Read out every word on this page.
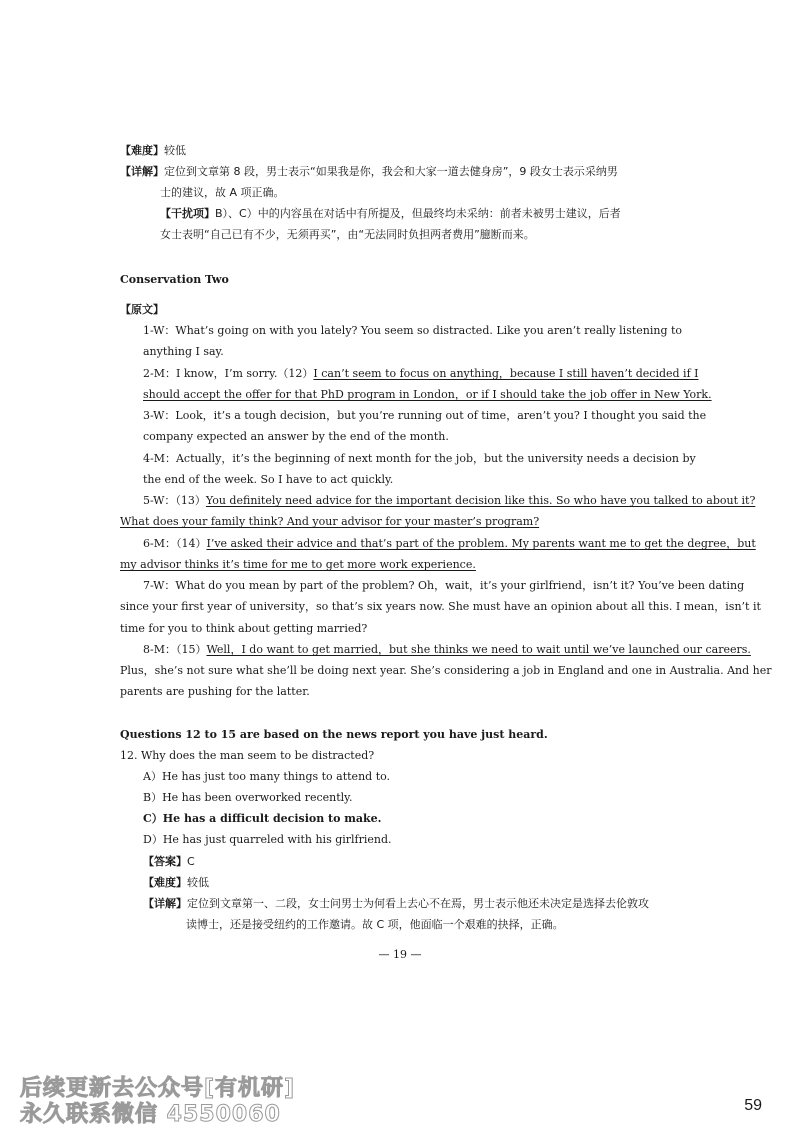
【难度】较低
【详解】定位到文章第 8 段，男士表示“如果我是你，我会和大家一道去健身房”，9 段女士表示采纳男
士的建议，故 A 项正确。
【干扰项】B）、C）中的内容虽在对话中有所提及，但最终均未采纳：前者未被男士建议，后者
女士表明“自己已有不少，无须再买”，由“无法同时负担两者费用”臆断而来。
Conservation Two
【原文】
1-W：What’s going on with you lately? You seem so distracted. Like you aren’t really listening to
anything I say.
2-M：I know，I’m sorry.（12）I can’t seem to focus on anything，because I still haven’t decided if I
should accept the offer for that PhD program in London，or if I should take the job offer in New York.
3-W：Look，it’s a tough decision，but you’re running out of time，aren’t you? I thought you said the
company expected an answer by the end of the month.
4-M：Actually，it’s the beginning of next month for the job，but the university needs a decision by
the end of the week. So I have to act quickly.
5-W：（13）You definitely need advice for the important decision like this. So who have you talked to about it?
What does your family think? And your advisor for your master’s program?
6-M：（14）I’ve asked their advice and that’s part of the problem. My parents want me to get the degree，but
my advisor thinks it’s time for me to get more work experience.
7-W：What do you mean by part of the problem? Oh，wait，it’s your girlfriend，isn’t it? You’ve been dating
since your first year of university，so that’s six years now. She must have an opinion about all this. I mean，isn’t it
time for you to think about getting married?
8-M：（15）Well，I do want to get married，but she thinks we need to wait until we’ve launched our careers.
Plus，she’s not sure what she’ll be doing next year. She’s considering a job in England and one in Australia. And her
parents are pushing for the latter.
Questions 12 to 15 are based on the news report you have just heard.
12. Why does the man seem to be distracted?
A）He has just too many things to attend to.
B）He has been overworked recently.
C）He has a difficult decision to make.
D）He has just quarreled with his girlfriend.
【答案】C
【难度】较低
【详解】定位到文章第一、二段，女士问男士为何看上去心不在焉，男士表示他还未决定是选择去伦敦攻
读博士，还是接受纽约的工作邀请。故 C 项，他面临一个艰难的抉择，正确。
— 19 —
59
后续更新去公众号[有机研]
永久联系微信 4550060
